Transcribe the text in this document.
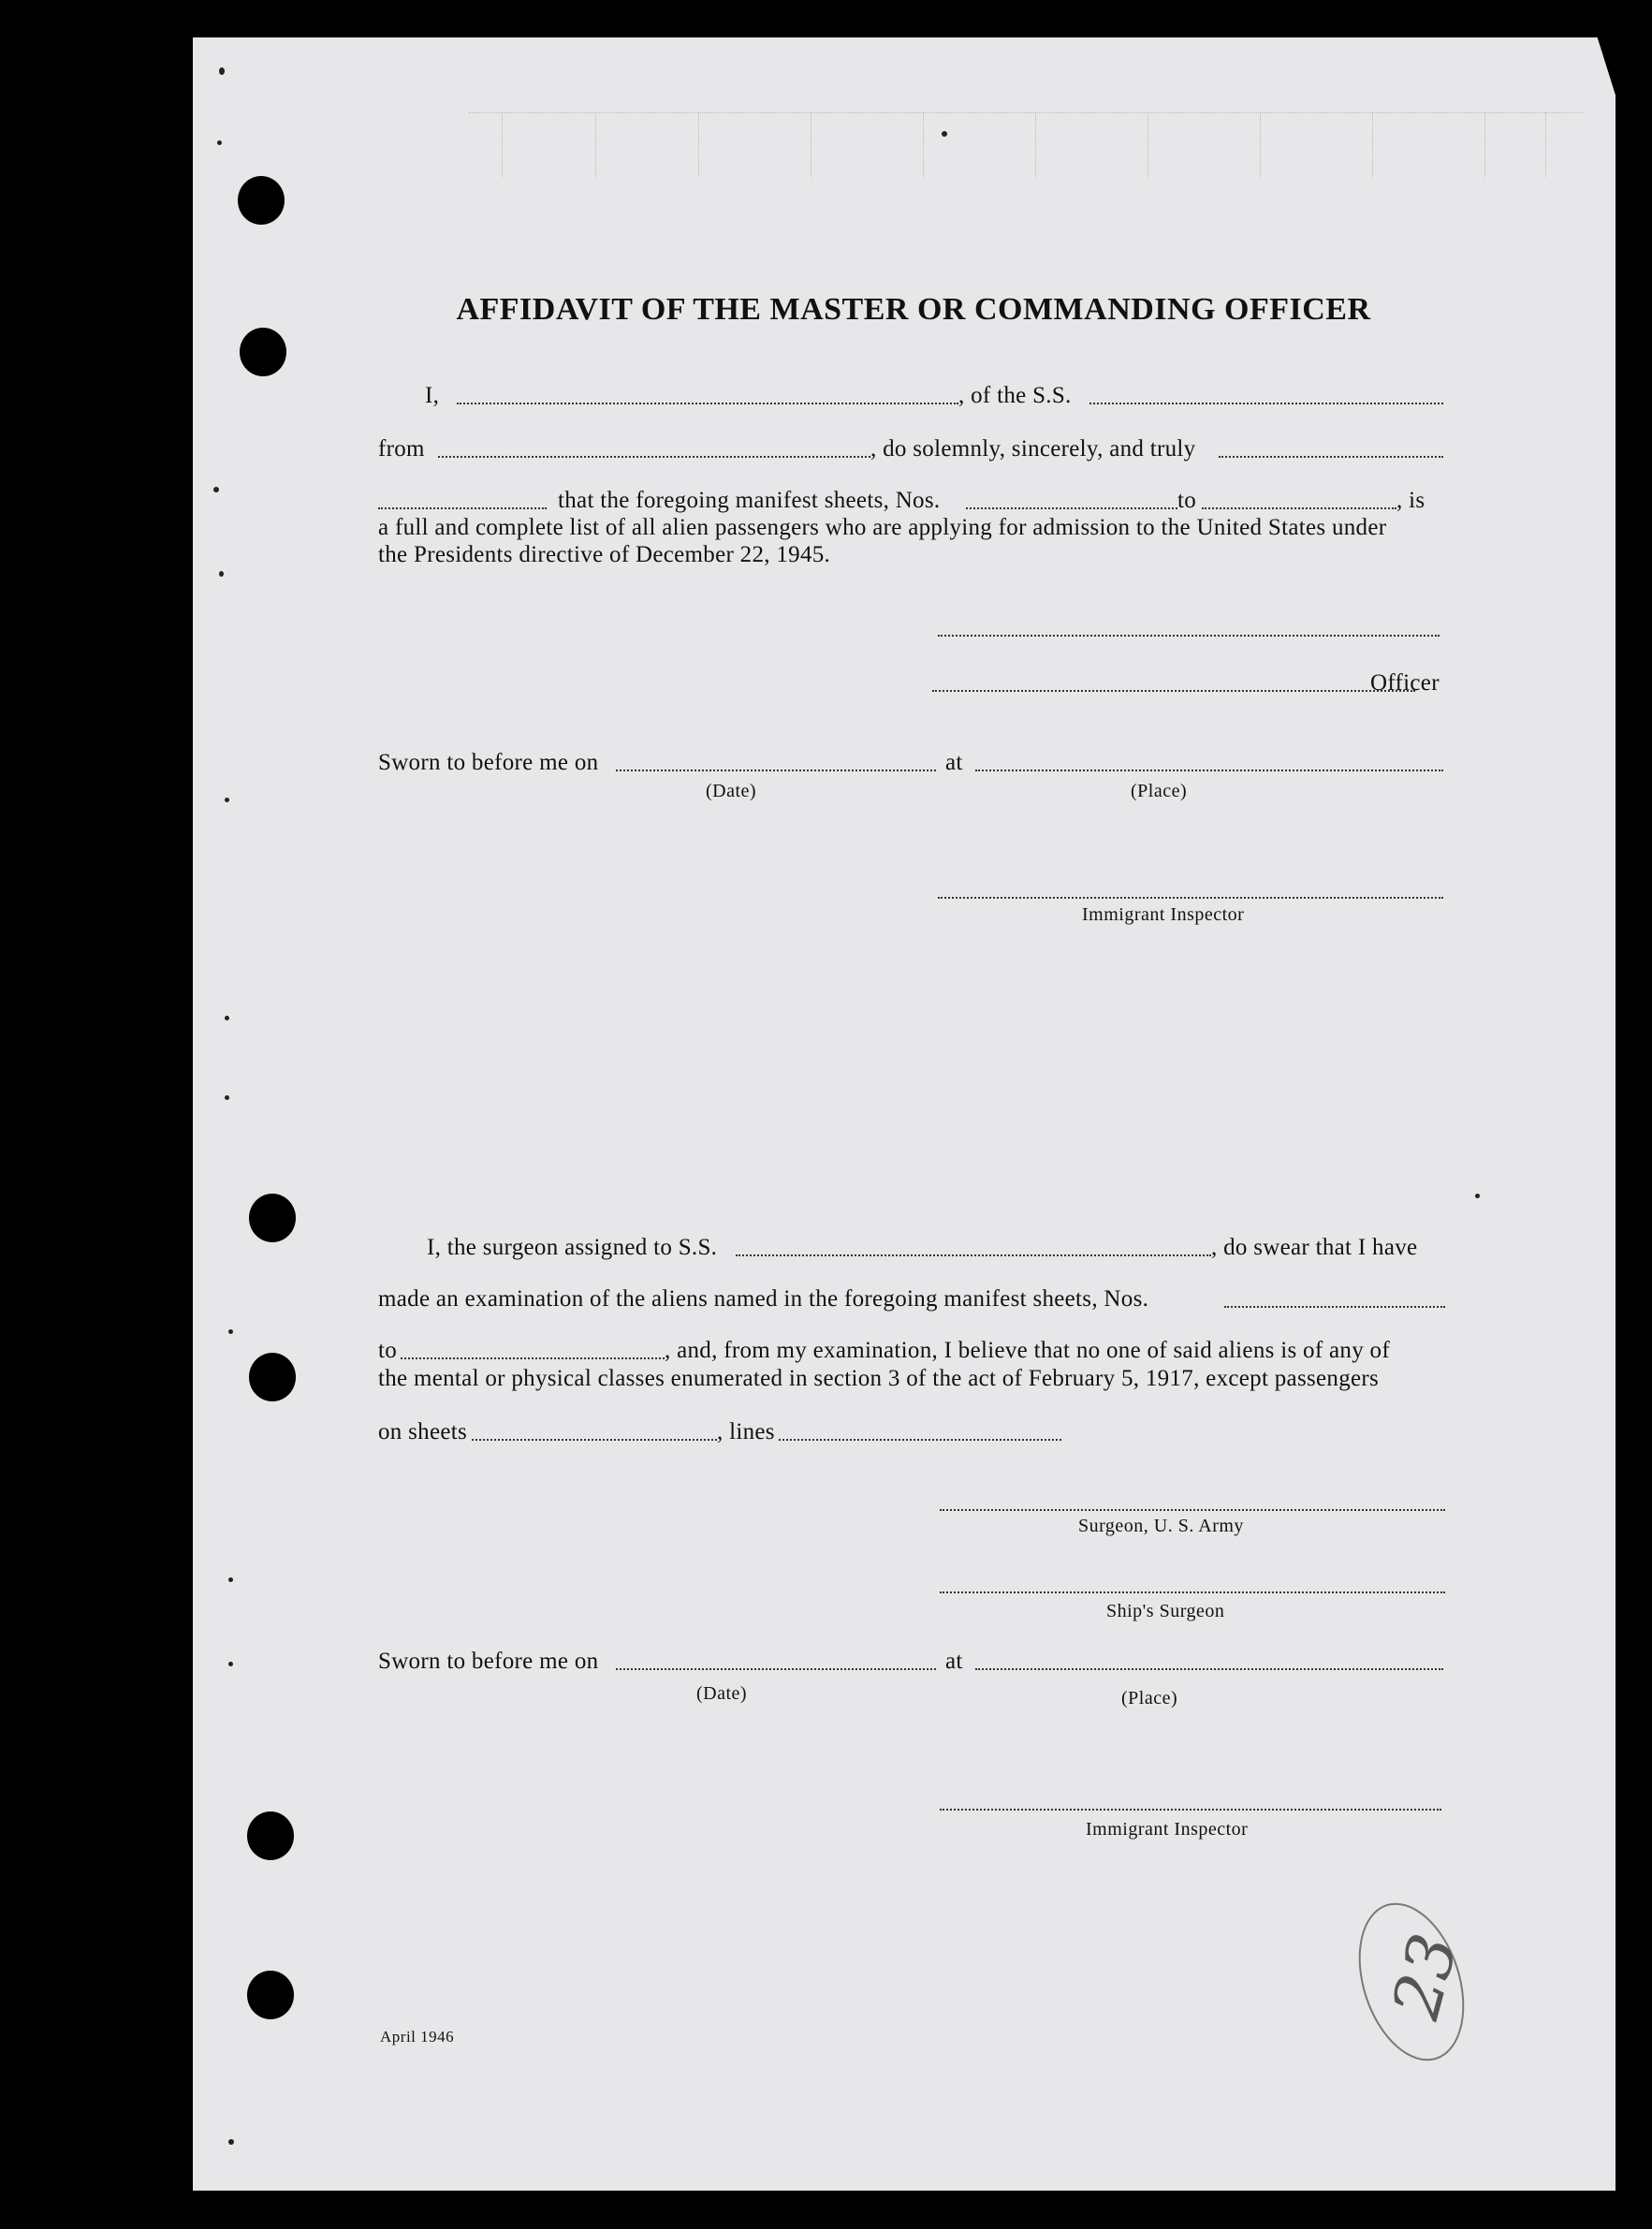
AFFIDAVIT OF THE MASTER OR COMMANDING OFFICER
I,	, of the S.S.
from	, do solemnly, sincerely, and truly
that the foregoing manifest sheets, Nos.	to	, is
a full and complete list of all alien passengers who are applying for admission to the United States under
the Presidents directive of December 22, 1945.
Officer
Sworn to before me on	at
(Date)	(Place)
Immigrant Inspector
I, the surgeon assigned to S.S.	, do swear that I have
made an examination of the aliens named in the foregoing manifest sheets, Nos.
to	, and, from my examination, I believe that no one of said aliens is of any of
the mental or physical classes enumerated in section 3 of the act of February 5, 1917, except passengers
on sheets	, lines
Surgeon, U. S. Army
Ship's Surgeon
Sworn to before me on	at
(Date)	(Place)
Immigrant Inspector
23
April 1946
